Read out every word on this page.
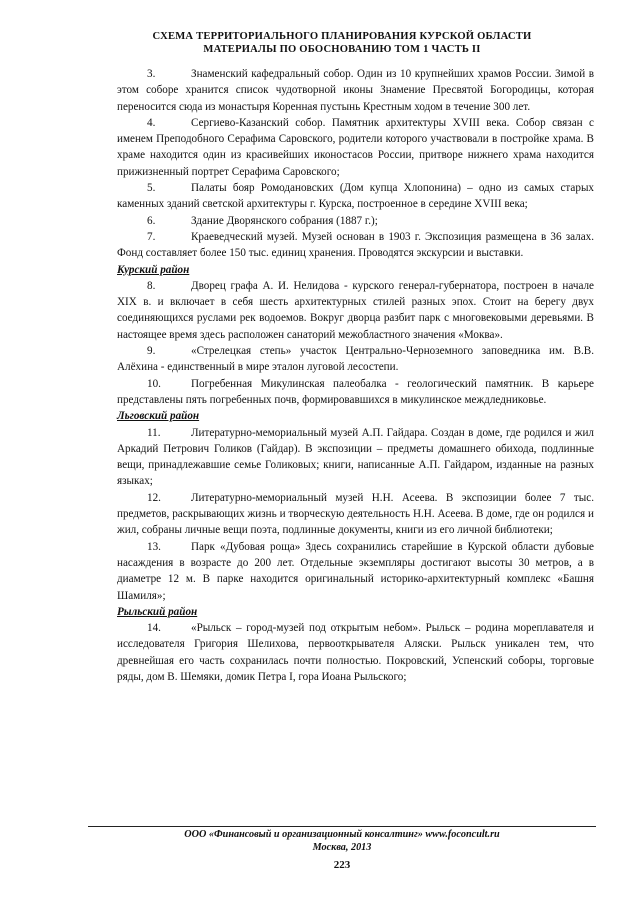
СХЕМА ТЕРРИТОРИАЛЬНОГО ПЛАНИРОВАНИЯ КУРСКОЙ ОБЛАСТИ
МАТЕРИАЛЫ ПО ОБОСНОВАНИЮ ТОМ 1 ЧАСТЬ II

3.	Знаменский кафедральный собор. Один из 10 крупнейших храмов России. Зимой в этом соборе хранится список чудотворной иконы Знамение Пресвятой Богородицы, которая переносится сюда из монастыря Коренная пустынь Крестным ходом в течение 300 лет.

4.	Сергиево-Казанский собор. Памятник архитектуры XVIII века. Собор связан с именем Преподобного Серафима Саровского, родители которого участвовали в постройке храма. В храме находится один из красивейших иконостасов России, притворе нижнего храма находится прижизненный портрет Серафима Саровского;

5.	Палаты бояр Ромодановских (Дом купца Хлопонина) – одно из самых старых каменных зданий светской архитектуры г. Курска, построенное в середине XVIII века;

6.	Здание Дворянского собрания (1887 г.);

7.	Краеведческий музей. Музей основан в 1903 г. Экспозиция размещена в 36 залах. Фонд составляет более 150 тыс. единиц хранения. Проводятся экскурсии и выставки.

Курский район

8.	Дворец графа А. И. Нелидова - курского генерал-губернатора, построен в начале XIX в. и включает в себя шесть архитектурных стилей разных эпох. Стоит на берегу двух соединяющихся руслами рек водоемов. Вокруг дворца разбит парк с многовековыми деревьями. В настоящее время здесь расположен санаторий межобластного значения «Моква».

9.	«Стрелецкая степь» участок Центрально-Черноземного заповедника им. В.В. Алёхина - единственный в мире эталон луговой лесостепи.

10.	Погребенная Микулинская палеобалка - геологический памятник. В карьере представлены пять погребенных почв, формировавшихся в микулинское междледниковье.

Льговский район

11.	Литературно-мемориальный музей А.П. Гайдара. Создан в доме, где родился и жил Аркадий Петрович Голиков (Гайдар). В экспозиции – предметы домашнего обихода, подлинные вещи, принадлежавшие семье Голиковых; книги, написанные А.П. Гайдаром, изданные на разных языках;

12.	Литературно-мемориальный музей Н.Н. Асеева. В экспозиции более 7 тыс. предметов, раскрывающих жизнь и творческую деятельность Н.Н. Асеева. В доме, где он родился и жил, собраны личные вещи поэта, подлинные документы, книги из его личной библиотеки;

13.	Парк «Дубовая роща» Здесь сохранились старейшие в Курской области дубовые насаждения в возрасте до 200 лет. Отдельные экземпляры достигают высоты 30 метров, а в диаметре 12 м. В парке находится оригинальный историко-архитектурный комплекс «Башня Шамиля»;

Рыльский район

14.	«Рыльск – город-музей под открытым небом». Рыльск – родина мореплавателя и исследователя Григория Шелихова, первооткрывателя Аляски. Рыльск уникален тем, что древнейшая его часть сохранилась почти полностью. Покровский, Успенский соборы, торговые ряды, дом В. Шемяки, домик Петра I, гора Иоана Рыльского;

ООО «Финансовый и организационный консалтинг» www.foconcult.ru
Москва, 2013
223
